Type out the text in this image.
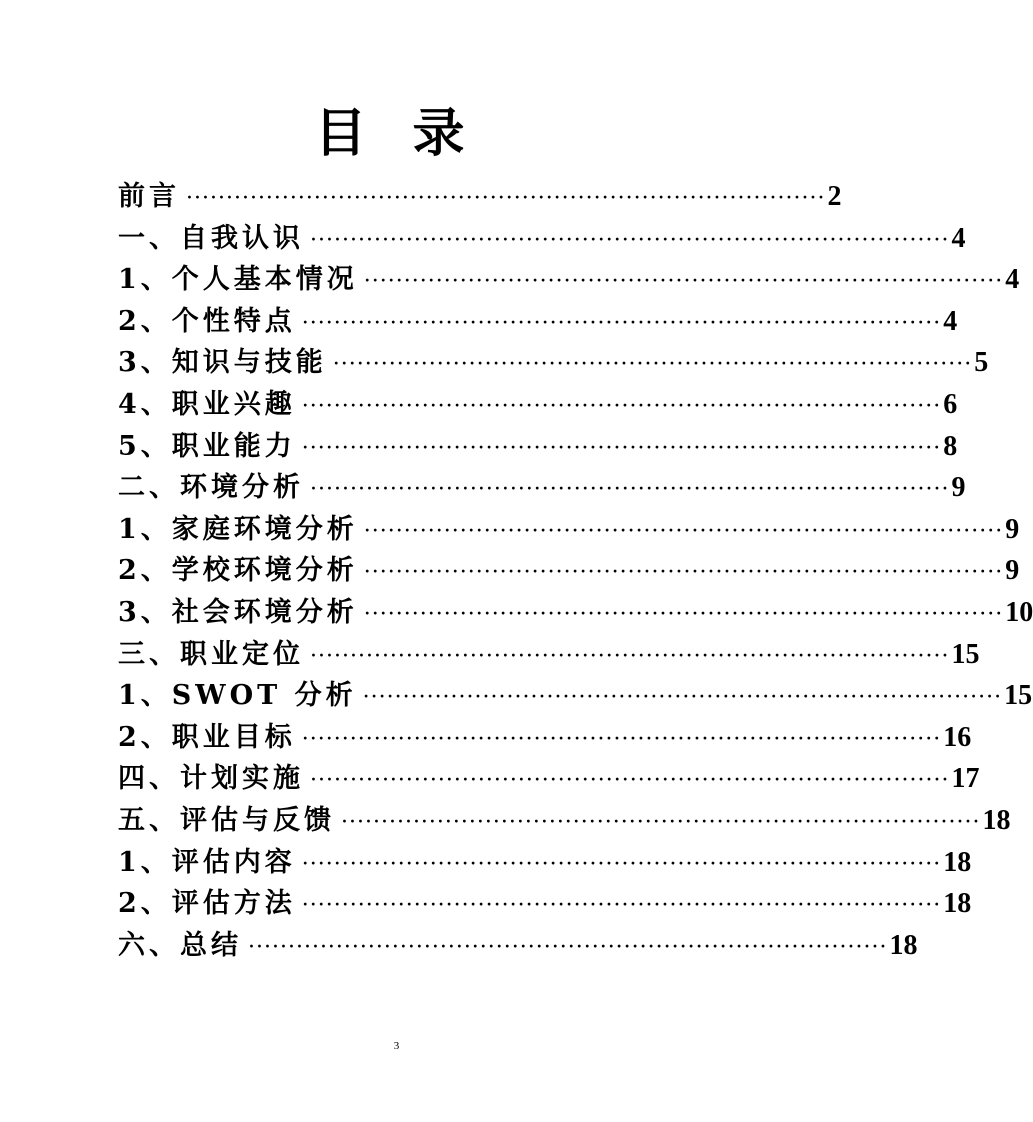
目 录
前言 ················································································ 2
一、自我认识 ················································································ 4
1、个人基本情况 ················································································ 4
2、个性特点 ················································································ 4
3、知识与技能 ················································································ 5
4、职业兴趣 ················································································ 6
5、职业能力 ················································································ 8
二、环境分析 ················································································ 9
1、家庭环境分析 ················································································ 9
2、学校环境分析 ················································································ 9
3、社会环境分析 ················································································ 10
三、职业定位 ················································································ 15
1、SWOT 分析 ················································································ 15
2、职业目标 ················································································ 16
四、计划实施 ················································································ 17
五、评估与反馈 ················································································ 18
1、评估内容 ················································································ 18
2、评估方法 ················································································ 18
六、总结 ················································································ 18
3
